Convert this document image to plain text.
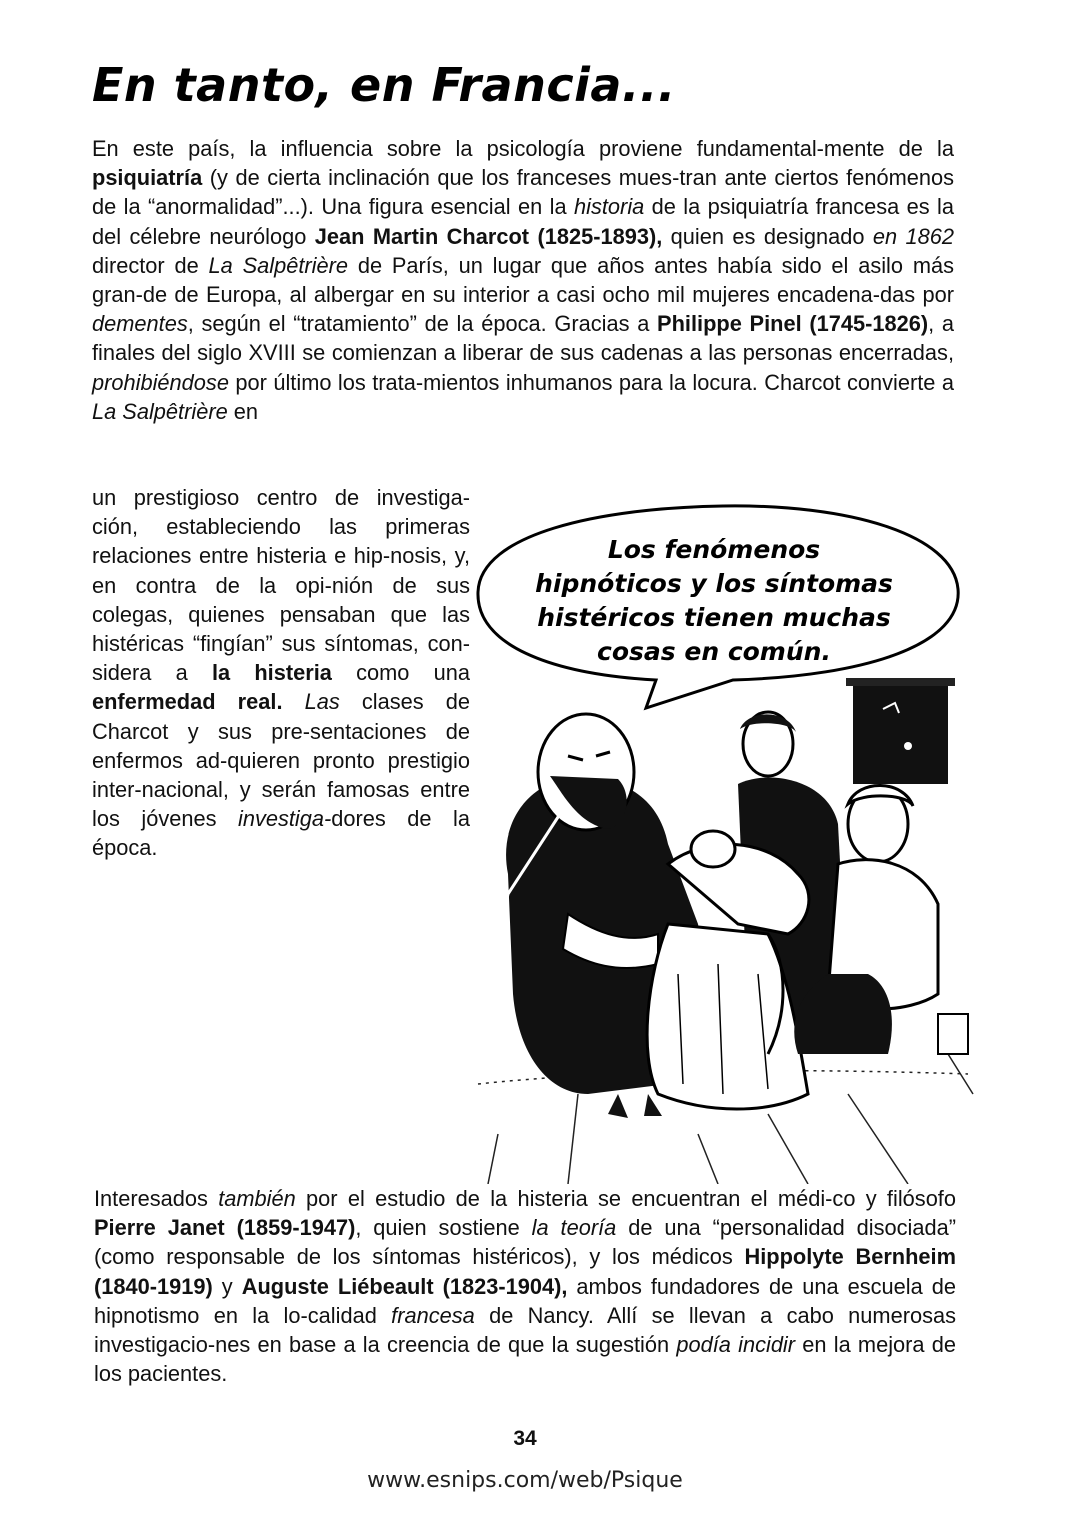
En tanto, en Francia...

En este país, la influencia sobre la psicología proviene fundamental-mente de la psiquiatría (y de cierta inclinación que los franceses mues-tran ante ciertos fenómenos de la “anormalidad”...). Una figura esencial en la historia de la psiquiatría francesa es la del célebre neurólogo Jean Martin Charcot (1825-1893), quien es designado en 1862 director de La Salpêtrière de París, un lugar que años antes había sido el asilo más gran-de de Europa, al albergar en su interior a casi ocho mil mujeres encadena-das por dementes, según el “tratamiento” de la época. Gracias a Philippe Pinel (1745-1826), a finales del siglo XVIII se comienzan a liberar de sus cadenas a las personas encerradas, prohibiéndose por último los trata-mientos inhumanos para la locura. Charcot convierte a La Salpêtrière en

un prestigioso centro de investiga-ción, estableciendo las primeras relaciones entre histeria e hip-nosis, y, en contra de la opi-nión de sus colegas, quienes pensaban que las histéricas “fingían” sus síntomas, con-sidera a la histeria como una enfermedad real. Las clases de Charcot y sus pre-sentaciones de enfermos ad-quieren pronto prestigio inter-nacional, y serán famosas entre los jóvenes investiga-dores de la época.

Los fenómenos
hipnóticos y los síntomas
histéricos tienen muchas
cosas en común.

Interesados también por el estudio de la histeria se encuentran el médi-co y filósofo Pierre Janet (1859-1947), quien sostiene la teoría de una “personalidad disociada” (como responsable de los síntomas histéricos), y los médicos Hippolyte Bernheim (1840-1919) y Auguste Liébeault (1823-1904), ambos fundadores de una escuela de hipnotismo en la lo-calidad francesa de Nancy. Allí se llevan a cabo numerosas investigacio-nes en base a la creencia de que la sugestión podía incidir en la mejora de los pacientes.

34

www.esnips.com/web/Psique
